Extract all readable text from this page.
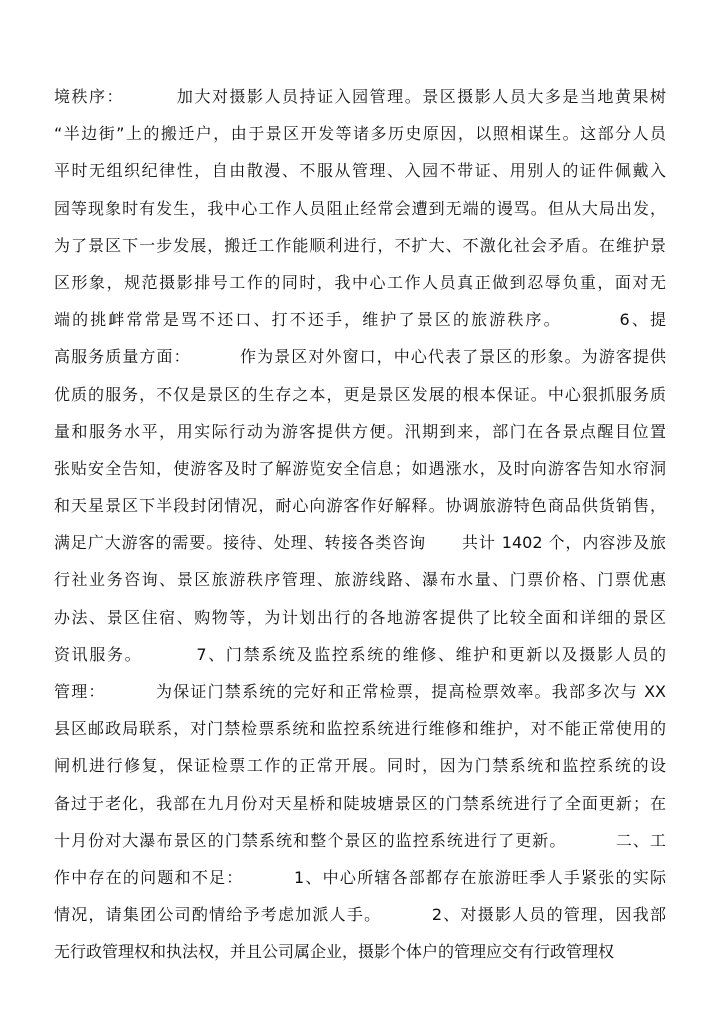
境秩序：        加大对摄影人员持证入园管理。景区摄影人员大多是当地黄果树
“半边街”上的搬迁户，由于景区开发等诸多历史原因，以照相谋生。这部分人员
平时无组织纪律性，自由散漫、不服从管理、入园不带证、用别人的证件佩戴入
园等现象时有发生，我中心工作人员阻止经常会遭到无端的谩骂。但从大局出发，
为了景区下一步发展，搬迁工作能顺利进行，不扩大、不激化社会矛盾。在维护景
区形象，规范摄影排号工作的同时，我中心工作人员真正做到忍辱负重，面对无
端的挑衅常常是骂不还口、打不还手，维护了景区的旅游秩序。        6、提
高服务质量方面：        作为景区对外窗口，中心代表了景区的形象。为游客提供
优质的服务，不仅是景区的生存之本，更是景区发展的根本保证。中心狠抓服务质
量和服务水平，用实际行动为游客提供方便。汛期到来，部门在各景点醒目位置
张贴安全告知，使游客及时了解游览安全信息；如遇涨水，及时向游客告知水帘洞
和天星景区下半段封闭情况，耐心向游客作好解释。协调旅游特色商品供货销售，
满足广大游客的需要。接待、处理、转接各类咨询      共计 1402 个，内容涉及旅
行社业务咨询、景区旅游秩序管理、旅游线路、瀑布水量、门票价格、门票优惠
办法、景区住宿、购物等，为计划出行的各地游客提供了比较全面和详细的景区
资讯服务。        7、门禁系统及监控系统的维修、维护和更新以及摄影人员的
管理：        为保证门禁系统的完好和正常检票，提高检票效率。我部多次与 XX
县区邮政局联系，对门禁检票系统和监控系统进行维修和维护，对不能正常使用的
闸机进行修复，保证检票工作的正常开展。同时，因为门禁系统和监控系统的设
备过于老化，我部在九月份对天星桥和陡坡塘景区的门禁系统进行了全面更新；在
十月份对大瀑布景区的门禁系统和整个景区的监控系统进行了更新。        二、工
作中存在的问题和不足：        1、中心所辖各部都存在旅游旺季人手紧张的实际
情况，请集团公司酌情给予考虑加派人手。        2、对摄影人员的管理，因我部
无行政管理权和执法权，并且公司属企业，摄影个体户的管理应交有行政管理权
